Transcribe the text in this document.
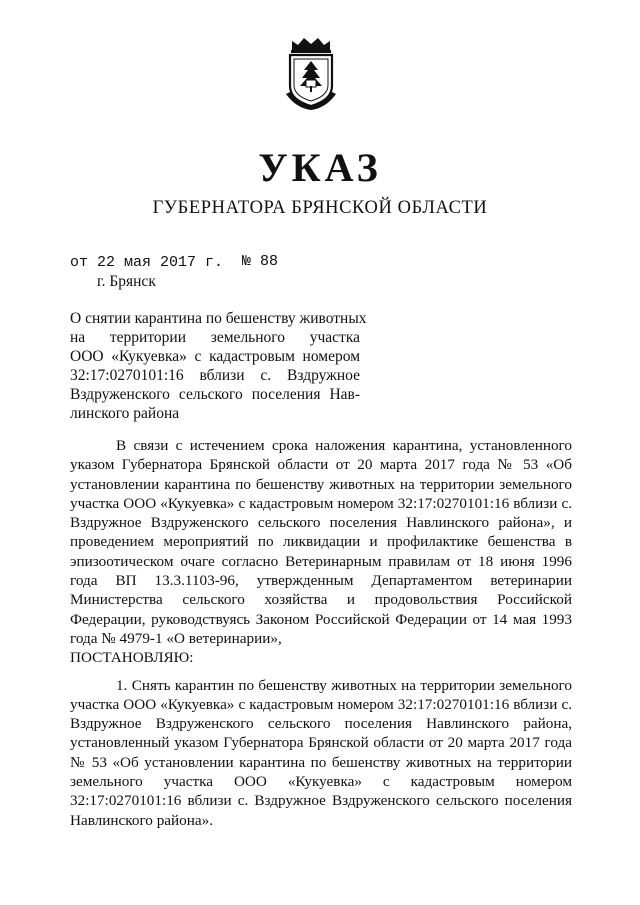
УКАЗ
ГУБЕРНАТОРА БРЯНСКОЙ ОБЛАСТИ
от 22 мая 2017 г. № 88
г. Брянск
О снятии карантина по бешенству животных
на территории земельного участка
ООО «Кукуевка» с кадастровым номером
32:17:0270101:16 вблизи с. Вздружное
Вздруженского сельского поселения Нав-
линского района

В связи с истечением срока наложения карантина, установленного указом Губернатора Брянской области от 20 марта 2017 года № 53 «Об установлении карантина по бешенству животных на территории земельного участка ООО «Кукуевка» с кадастровым номером 32:17:0270101:16 вблизи с. Вздружное Вздруженского сельского поселения Навлинского района», и проведением мероприятий по ликвидации и профилактике бешенства в эпизоотическом очаге согласно Ветеринарным правилам от 18 июня 1996 года ВП 13.3.1103-96, утвержденным Департаментом ветеринарии Министерства сельского хозяйства и продовольствия Российской Федерации, руководствуясь Законом Российской Федерации от 14 мая 1993 года № 4979-1 «О ветеринарии»,

ПОСТАНОВЛЯЮ:

1. Снять карантин по бешенству животных на территории земельного участка ООО «Кукуевка» с кадастровым номером 32:17:0270101:16 вблизи с. Вздружное Вздруженского сельского поселения Навлинского района, установленный указом Губернатора Брянской области от 20 марта 2017 года № 53 «Об установлении карантина по бешенству животных на территории земельного участка ООО «Кукуевка» с кадастровым номером 32:17:0270101:16 вблизи с. Вздружное Вздруженского сельского поселения Навлинского района».
